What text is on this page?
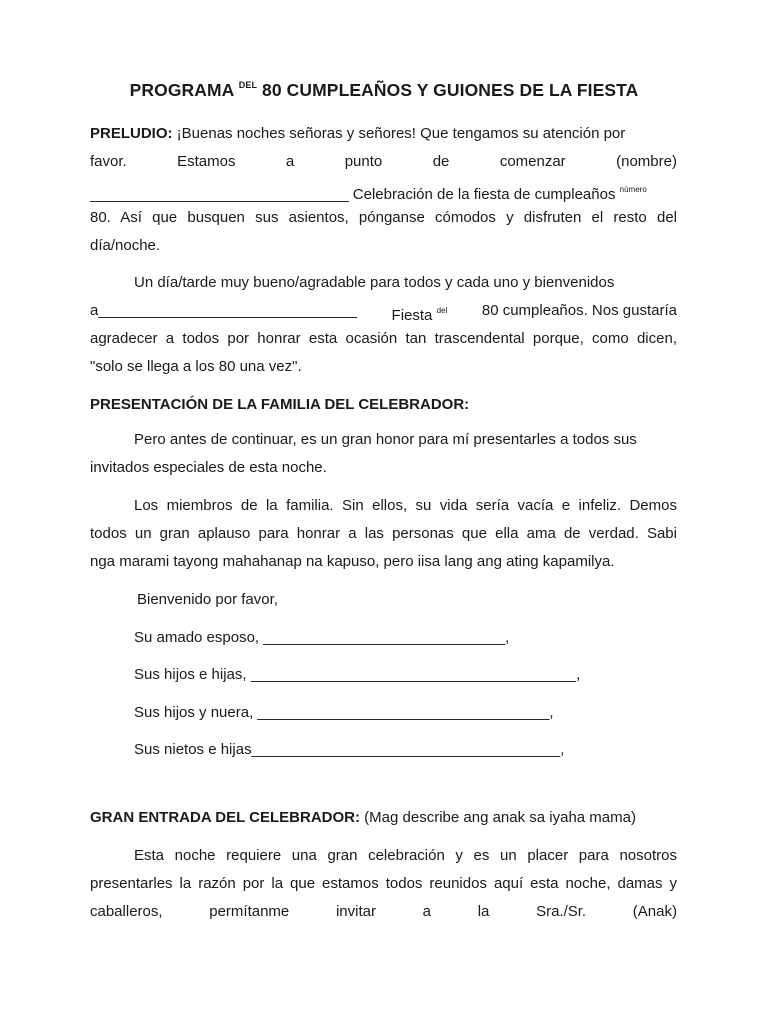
PROGRAMA $^{DEL}$ 80 CUMPLEAÑOS Y GUIONES DE LA FIESTA
PRELUDIO: ¡Buenas noches señoras y señores! Que tengamos su atención por
favor.	Estamos	a	punto	de	comenzar	(nombre)
_______________________________ Celebración de la fiesta de cumpleaños $^{número}$
80. Así que busquen sus asientos, pónganse cómodos y disfruten el resto del
día/noche.
Un día/tarde muy bueno/agradable para todos y cada uno y bienvenidos
a_______________________________ Fiesta $^{del}$ 80 cumpleaños. Nos gustaría
agradecer a todos por honrar esta ocasión tan trascendental porque, como dicen,
"solo se llega a los 80 una vez".
PRESENTACIÓN DE LA FAMILIA DEL CELEBRADOR:
Pero antes de continuar, es un gran honor para mí presentarles a todos sus
invitados especiales de esta noche.
Los miembros de la familia. Sin ellos, su vida sería vacía e infeliz. Demos
todos un gran aplauso para honrar a las personas que ella ama de verdad. Sabi
nga marami tayong mahahanap na kapuso, pero iisa lang ang ating kapamilya.
Bienvenido por favor,
Su amado esposo, _____________________________,
Sus hijos e hijas, _______________________________________,
Sus hijos y nuera, ___________________________________,
Sus nietos e hijas_____________________________________,
GRAN ENTRADA DEL CELEBRADOR: (Mag describe ang anak sa iyaha mama)
Esta noche requiere una gran celebración y es un placer para nosotros
presentarles la razón por la que estamos todos reunidos aquí esta noche, damas y
caballeros,	permítanme	invitar	a	la	Sra./Sr.	(Anak)
